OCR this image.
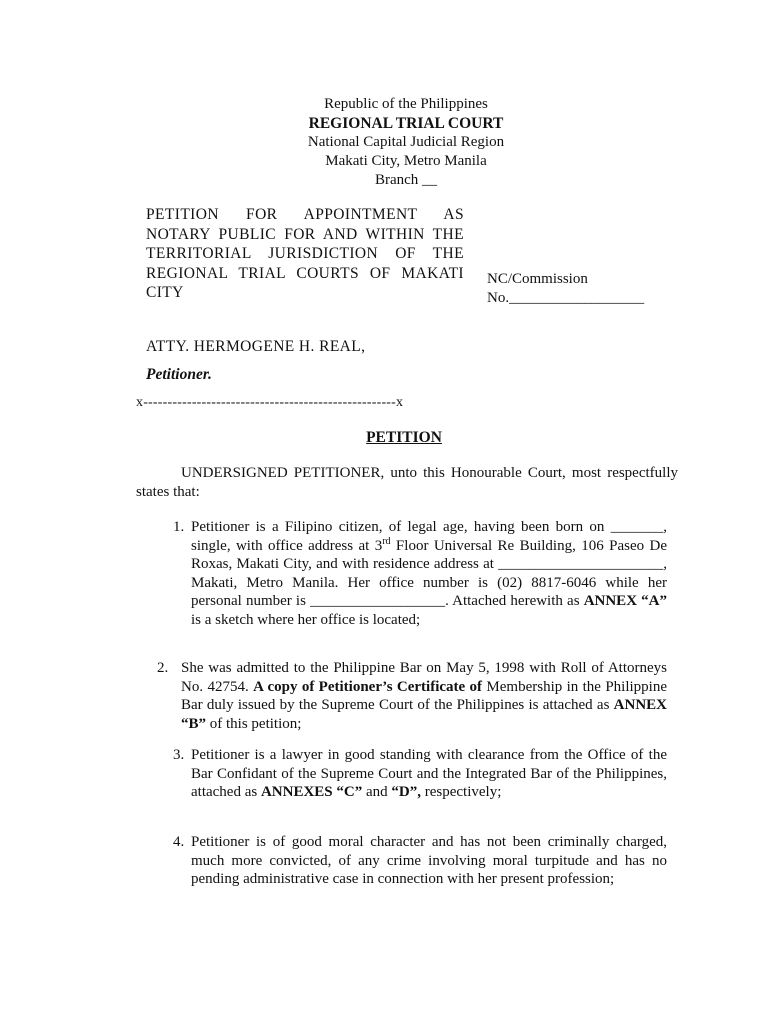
Republic of the Philippines
REGIONAL TRIAL COURT
National Capital Judicial Region
Makati City, Metro Manila
Branch __
PETITION FOR APPOINTMENT AS NOTARY PUBLIC FOR AND WITHIN THE TERRITORIAL JURISDICTION OF THE REGIONAL TRIAL COURTS OF MAKATI CITY
NC/Commission
No.__________________
ATTY. HERMOGENE H. REAL,
Petitioner.
x----------------------------------------------------x
PETITION
UNDERSIGNED PETITIONER, unto this Honourable Court, most respectfully states that:
1. Petitioner is a Filipino citizen, of legal age, having been born on _______, single, with office address at 3rd Floor Universal Re Building, 106 Paseo De Roxas, Makati City, and with residence address at ______________________, Makati, Metro Manila. Her office number is (02) 8817-6046 while her personal number is __________________. Attached herewith as ANNEX “A” is a sketch where her office is located;
2. She was admitted to the Philippine Bar on May 5, 1998 with Roll of Attorneys No. 42754. A copy of Petitioner’s Certificate of Membership in the Philippine Bar duly issued by the Supreme Court of the Philippines is attached as ANNEX “B” of this petition;
3. Petitioner is a lawyer in good standing with clearance from the Office of the Bar Confidant of the Supreme Court and the Integrated Bar of the Philippines, attached as ANNEXES “C” and “D”, respectively;
4. Petitioner is of good moral character and has not been criminally charged, much more convicted, of any crime involving moral turpitude and has no pending administrative case in connection with her present profession;
